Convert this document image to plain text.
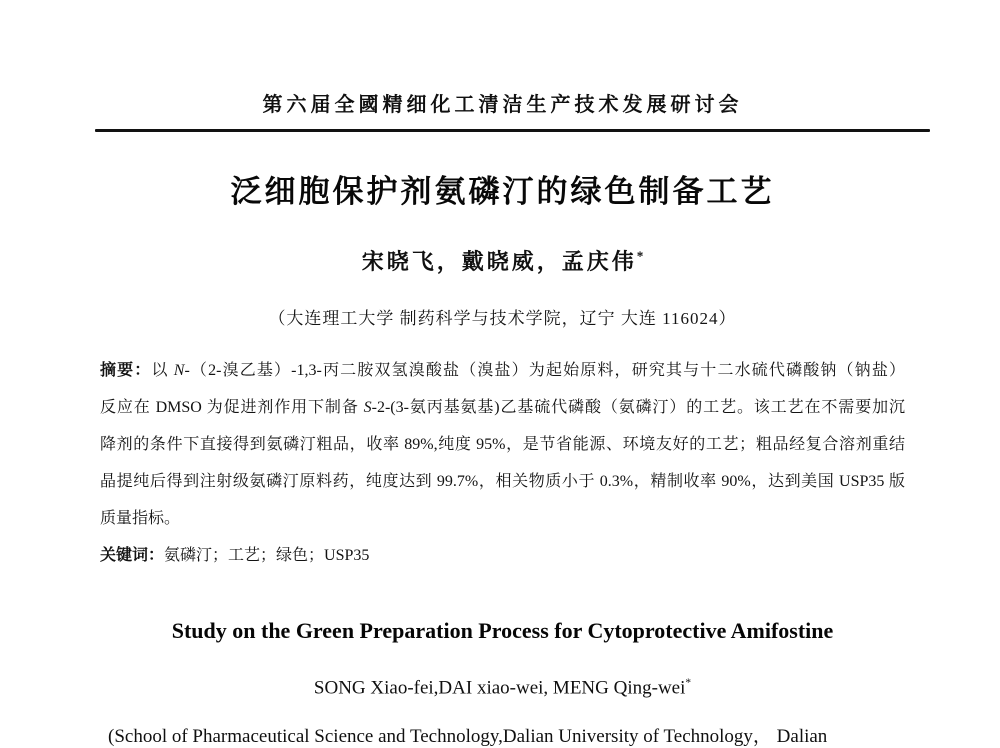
第六届全國精细化工清洁生产技术发展研讨会
泛细胞保护剂氨磷汀的绿色制备工艺
宋晓飞，戴晓威，孟庆伟*
（大连理工大学 制药科学与技术学院，辽宁 大连 116024）
摘要：以 N-（2-溴乙基）-1,3-丙二胺双氢溴酸盐（溴盐）为起始原料，研究其与十二水硫代磷酸钠（钠盐）
反应在 DMSO 为促进剂作用下制备 S-2-(3-氨丙基氨基)乙基硫代磷酸（氨磷汀）的工艺。该工艺在不需要加沉
降剂的条件下直接得到氨磷汀粗品，收率 89%,纯度 95%，是节省能源、环境友好的工艺；粗品经复合溶剂重结
晶提纯后得到注射级氨磷汀原料药，纯度达到 99.7%，相关物质小于 0.3%，精制收率 90%，达到美国 USP35 版
质量指标。
关键词：氨磷汀；工艺；绿色；USP35
Study on the Green Preparation Process for Cytoprotective Amifostine
SONG Xiao-fei,DAI xiao-wei, MENG Qing-wei*
(School of Pharmaceutical Science and Technology,Dalian University of Technology， Dalian
